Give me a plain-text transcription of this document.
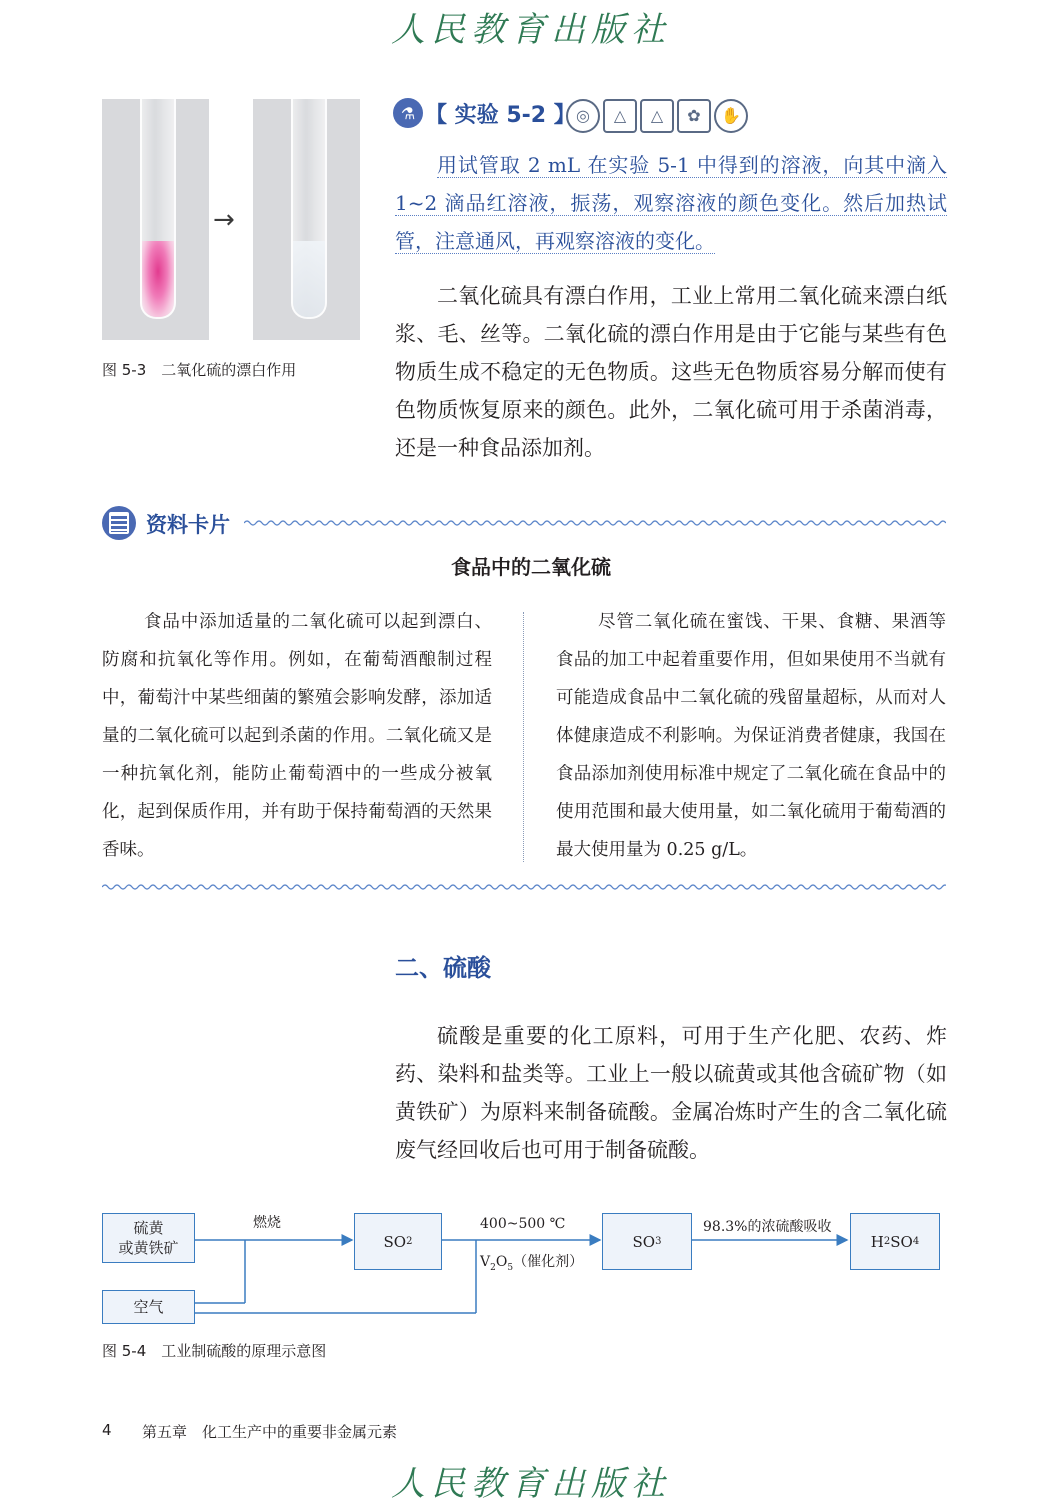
人民教育出版社
→
图 5-3　二氧化硫的漂白作用
⚗ 【 实验 5-2 】 ◎	△	△	✿	✋
用试管取 2 mL 在实验 5-1 中得到的溶液，向其中滴入1~2 滴品红溶液，振荡，观察溶液的颜色变化。然后加热试管，注意通风，再观察溶液的变化。
二氧化硫具有漂白作用，工业上常用二氧化硫来漂白纸浆、毛、丝等。二氧化硫的漂白作用是由于它能与某些有色物质生成不稳定的无色物质。这些无色物质容易分解而使有色物质恢复原来的颜色。此外，二氧化硫可用于杀菌消毒，还是一种食品添加剂。
资料卡片
食品中的二氧化硫
食品中添加适量的二氧化硫可以起到漂白、防腐和抗氧化等作用。例如，在葡萄酒酿制过程中，葡萄汁中某些细菌的繁殖会影响发酵，添加适量的二氧化硫可以起到杀菌的作用。二氧化硫又是一种抗氧化剂，能防止葡萄酒中的一些成分被氧化，起到保质作用，并有助于保持葡萄酒的天然果香味。
尽管二氧化硫在蜜饯、干果、食糖、果酒等食品的加工中起着重要作用，但如果使用不当就有可能造成食品中二氧化硫的残留量超标，从而对人体健康造成不利影响。为保证消费者健康，我国在食品添加剂使用标准中规定了二氧化硫在食品中的使用范围和最大使用量，如二氧化硫用于葡萄酒的最大使用量为 0.25 g/L。
二、硫酸
硫酸是重要的化工原料，可用于生产化肥、农药、炸药、染料和盐类等。工业上一般以硫黄或其他含硫矿物（如黄铁矿）为原料来制备硫酸。金属冶炼时产生的含二氧化硫废气经回收后也可用于制备硫酸。
硫黄
或黄铁矿
空气
SO 2	SO 3	H 2 SO 4
燃烧	400~500 ℃
$V_2O_5$（催化剂）
98.3%的浓硫酸吸收
图 5-4　工业制硫酸的原理示意图
4 第五章　化工生产中的重要非金属元素
人民教育出版社
